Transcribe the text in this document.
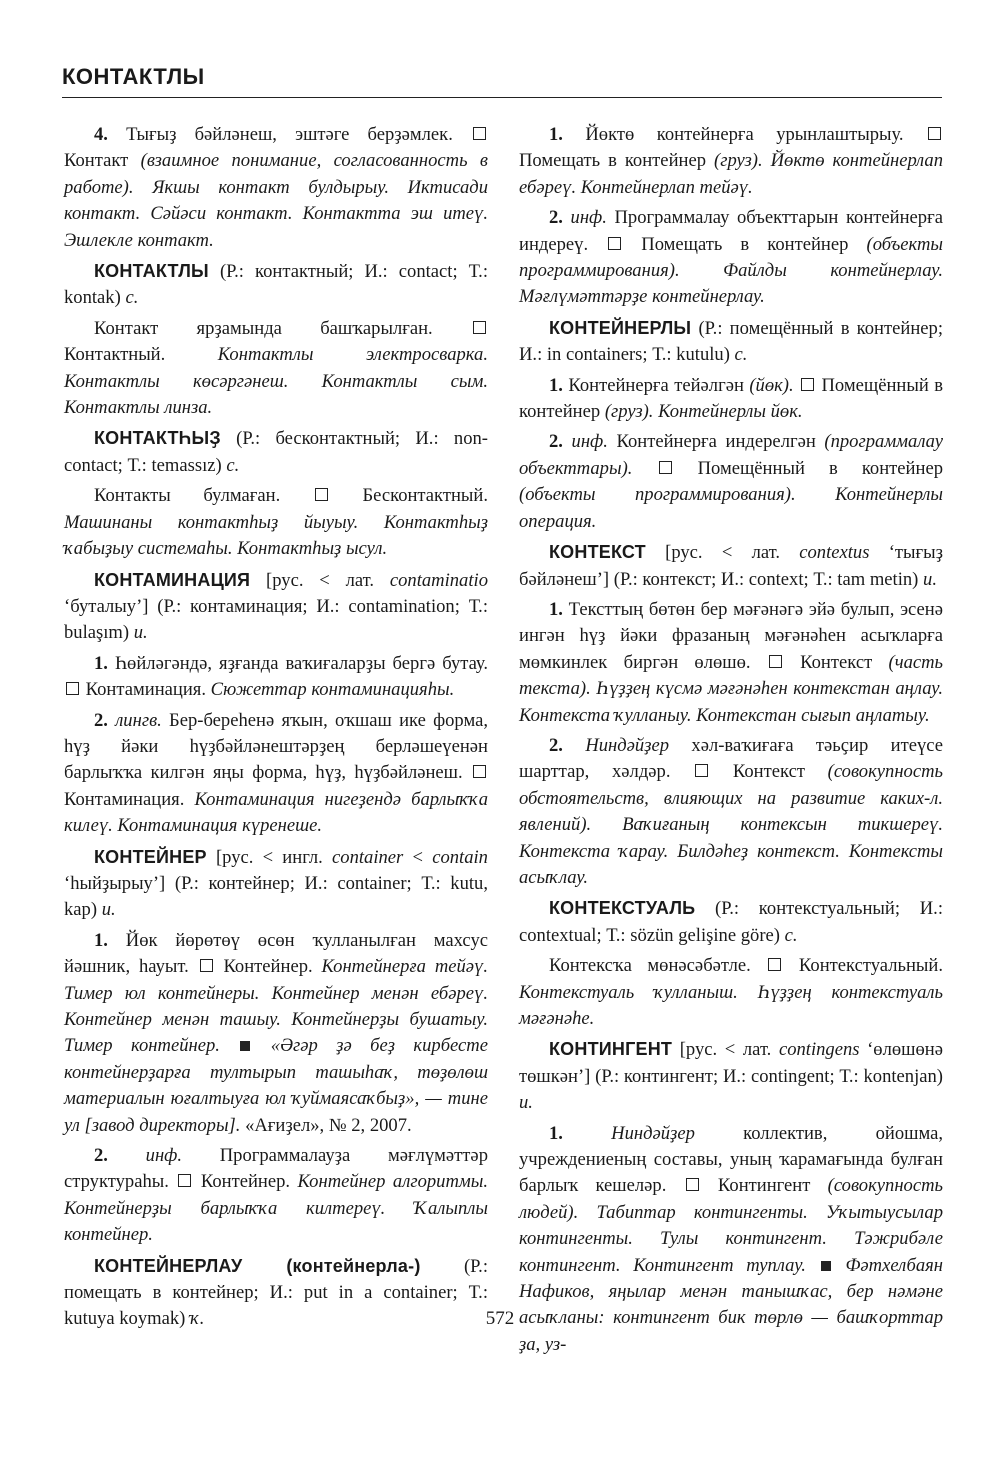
КОНТАКТЛЫ

4. Тығыҙ бәйләнеш, эштәге берҙәмлек.  Контакт (взаимное понимание, согласованность в работе). Якшы контакт булдырыу. Иктисади контакт. Сәйәси контакт. Контактта эш итеү. Эшлекле контакт.

КОНТАКТЛЫ (Р.: контактный; И.: contact; Т.: kontak) с.

Контакт ярҙамында башҡарылған.  Контактный. Контактлы электросварка. Контактлы көсәргәнеш. Контактлы сым. Контактлы линза.

КОНТАКТҺЫҘ (Р.: бесконтактный; И.: non-contact; Т.: temassız) с.

Контакты булмаған.	Бесконтактный. Машинаны контактһыҙ йыуыу. Контактһыҙ ҡабыҙыу системаһы. Контактһыҙ ысул.

КОНТАМИНАЦИЯ [рус. < лат. contaminatio ‘буталыу’] (Р.: контаминация; И.: contamination; Т.: bulaşım) и.

1. Һөйләгәндә, яҙғанда ваҡиғаларҙы бергә бутау.  Контаминация. Сюжеттар контаминацияһы.

2. лингв. Бер-береһенә яҡын, оҡшаш ике форма, һүҙ йәки һүҙбәйләнештәрҙең берләшеүенән барлыҡҡа килгән яңы форма, һүҙ, һүҙбәйләнеш.  Контаминация. Контаминация нигеҙендә барлыҡҡа килеү. Контаминация күренеше.

КОНТЕЙНЕР [рус. < ингл. container < contain ‘һыйҙырыу’] (Р.: контейнер; И.: container; Т.: kutu, kap) и.

1. Йөк йөрөтөү өсөн ҡулланылған махсус йәшник, һауыт.  Контейнер. Контейнерға тейәү. Тимер юл контейнеры. Контейнер менән ебәреү. Контейнер менән ташыу. Контейнерҙы бушатыу. Тимер контейнер.  «Әгәр ҙә беҙ кирбесте контейнерҙарға тултырып ташыһаҡ, төҙөлөш материалын юғалтыуға юл ҡуймаясаҡбыҙ», — тине ул [завод директоры]. «Ағиҙел», № 2, 2007.

2. инф. Программалауҙа мәғлүмәттәр структураһы.  Контейнер. Контейнер алгоритмы. Контейнерҙы барлыҡҡа килтереү. Ҡалыплы контейнер.

КОНТЕЙНЕРЛАУ (контейнерла-) (Р.: помещать в контейнер; И.: put in a container; Т.: kutuya koymak) ҡ.

1. Йөктө контейнерға урынлаштырыу.  Помещать в контейнер (груз). Йөктө контейнерлап ебәреү. Контейнерлап тейәү.

2. инф. Программалау объекттарын контейнерға индереү.  Помещать в контейнер (объекты программирования). Файлды контейнерлау. Мәғлүмәттәрҙе контейнерлау.

КОНТЕЙНЕРЛЫ (Р.: помещённый в контейнер; И.: in containers; Т.: kutulu) с.

1. Контейнерға тейәлгән (йөк). Помещённый в контейнер (груз). Контейнерлы йөк.

2. инф. Контейнерға индерелгән (программалау объекттары).	Помещённый в контейнер (объекты программирования). Контейнерлы операция.

КОНТЕКСТ [рус. < лат. contextus ‘тығыҙ бәйләнеш’] (Р.: контекст; И.: context; Т.: tam metin) и.

1. Тексттың бөтөн бер мәғәнәгә эйә булып, эсенә ингән һүҙ йәки фразаның мәғәнәһен асыҡларға мөмкинлек биргән өлөшө.  Контекст (часть текста). Һүҙҙең күсмә мәғәнәһен контекстан аңлау. Контекста ҡулланыу. Контекстан сығып аңлатыу.

2. Ниндәйҙер хәл-ваҡиғаға тәьҫир итеүсе шарттар, хәлдәр.  Контекст (совокупность обстоятельств, влияющих на развитие каких-л. явлений). Ваҡиғаның контексын тикшереү. Контекста ҡарау. Билдәһеҙ контекст. Контексты асыҡлау.

КОНТЕКСТУАЛЬ (Р.: контекстуальный; И.: contextual; Т.: sözün gelişine göre) с.

Контексҡа мөнәсәбәтле.  Контекстуальный. Контекстуаль ҡулланыш. Һүҙҙең контекстуаль мәғәнәһе.

КОНТИНГЕНТ [рус. < лат. contingens ‘өлөшөнә төшкән’] (Р.: контингент; И.: contingent; Т.: kontenjan) и.

1. Ниндәйҙер коллектив, ойошма, учреждениеның составы, уның ҡарамағында булған барлыҡ кешеләр.  Контингент (совокупность людей). Табиптар контингенты. Уҡытыусылар контингенты. Тулы контингент. Тәжрибәле контингент. Контингент туплау.  Фәтхелбаян Нафиков, яңылар менән танышҡас, бер нәмәне асыҡланы: контингент бик төрлө — башҡорттар ҙа, уз-

572
